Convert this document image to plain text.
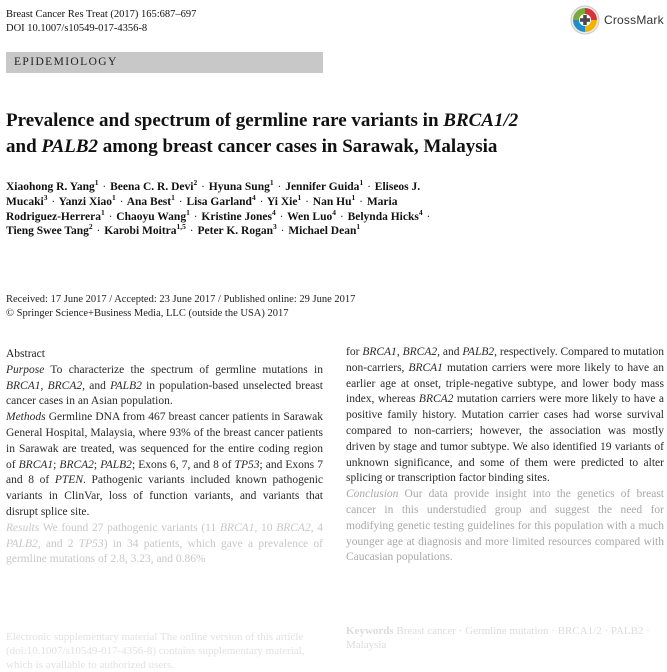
Breast Cancer Res Treat (2017) 165:687–697
DOI 10.1007/s10549-017-4356-8
CrossMark
EPIDEMIOLOGY
Prevalence and spectrum of germline rare variants in BRCA1/2
and PALB2 among breast cancer cases in Sarawak, Malaysia
Xiaohong R. Yang$^1$ · Beena C. R. Devi$^2$ · Hyuna Sung$^1$ · Jennifer Guida$^1$ · Eliseos J. Mucaki$^3$ · Yanzi Xiao$^1$ · Ana Best$^1$ · Lisa Garland$^4$ · Yi Xie$^1$ · Nan $Hu^1$ · Maria Rodriguez-Herrera$^1$ · Chaoyu Wang$^1$ · Kristine Jones$^4$ · Wen Luo$^4$ · Belynda Hicks$^4$ · Tieng Swee Tang$^2$ · Karobi Moitra$^{1,5}$ · Peter K. Rogan$^3$ · Michael Dean$^1$
Received: 17 June 2017 / Accepted: 23 June 2017 / Published online: 29 June 2017
© Springer Science+Business Media, LLC (outside the USA) 2017
Abstract
Purpose To characterize the spectrum of germline mutations in BRCA1, BRCA2, and PALB2 in population-based unselected breast cancer cases in an Asian population.
Methods Germline DNA from 467 breast cancer patients in Sarawak General Hospital, Malaysia, where 93% of the breast cancer patients in Sarawak are treated, was sequenced for the entire coding region of BRCA1; BRCA2; PALB2; Exons 6, 7, and 8 of TP53; and Exons 7 and 8 of PTEN. Pathogenic variants included known pathogenic variants in ClinVar, loss of function variants, and variants that disrupt splice site.
Results We found 27 pathogenic variants (11 BRCA1, 10 BRCA2, 4 PALB2, and 2 TP53) in 34 patients, which gave a prevalence of germline mutations of 2.8, 3.23, and 0.86%
for BRCA1, BRCA2, and PALB2, respectively. Compared to mutation non-carriers, BRCA1 mutation carriers were more likely to have an earlier age at onset, triple-negative subtype, and lower body mass index, whereas BRCA2 mutation carriers were more likely to have a positive family history. Mutation carrier cases had worse survival compared to non-carriers; however, the association was mostly driven by stage and tumor subtype. We also identified 19 variants of unknown significance, and some of them were predicted to alter splicing or transcription factor binding sites.
Conclusion Our data provide insight into the genetics of breast cancer in this understudied group and suggest the need for modifying genetic testing guidelines for this population with a much younger age at diagnosis and more limited resources compared with Caucasian populations.
Electronic supplementary material The online version of this article (doi:10.1007/s10549-017-4356-8) contains supplementary material, which is available to authorized users.
Keywords Breast cancer · Germline mutation · BRCA1/2 · PALB2 · Malaysia
